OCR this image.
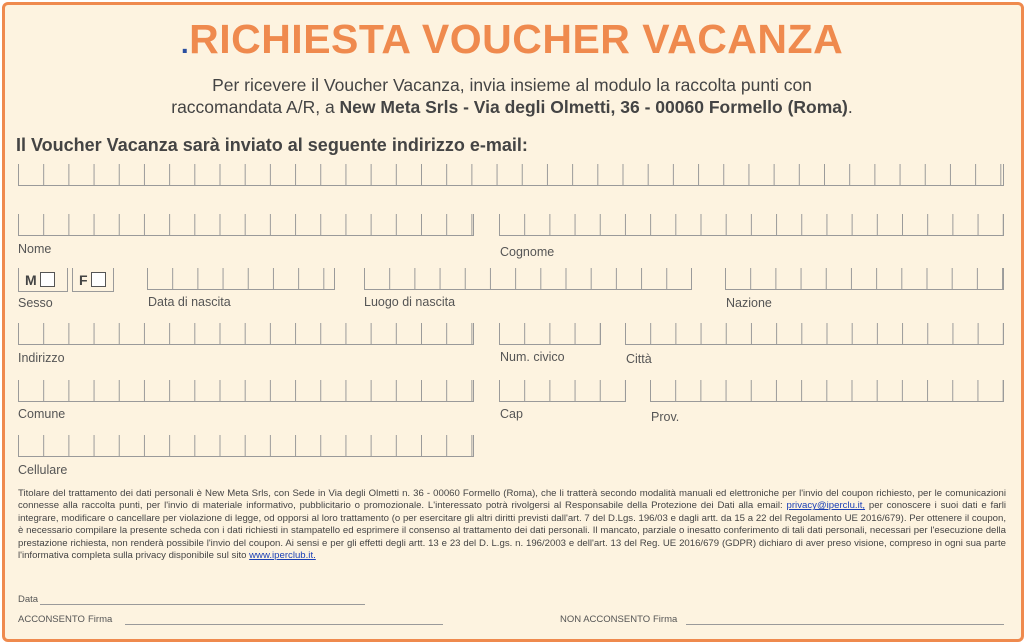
.RICHIESTA VOUCHER VACANZA
Per ricevere il Voucher Vacanza, invia insieme al modulo la raccolta punti con
raccomandata A/R, a New Meta Srls - Via degli Olmetti, 36 - 00060 Formello (Roma).
Il Voucher Vacanza sarà inviato al seguente indirizzo e-mail:
Nome	Cognome
M	F
Sesso	Data di nascita	Luogo di nascita	Nazione
Indirizzo	Num. civico	Città
Comune	Cap	Prov.
Cellulare
Titolare del trattamento dei dati personali è New Meta Srls, con Sede in Via degli Olmetti n. 36 - 00060 Formello (Roma), che li tratterà secondo modalità manuali ed elettroniche per l'invio del coupon richiesto, per le comunicazioni connesse alla raccolta punti, per l'invio di materiale informativo, pubblicitario o promozionale. L'interessato potrà rivolgersi al Responsabile della Protezione dei Dati alla email: privacy@iperclu.it, per conoscere i suoi dati e farli integrare, modificare o cancellare per violazione di legge, od opporsi al loro trattamento (o per esercitare gli altri diritti previsti dall'art. 7 del D.Lgs. 196/03 e dagli artt. da 15 a 22 del Regolamento UE 2016/679). Per ottenere il coupon, è necessario compilare la presente scheda con i dati richiesti in stampatello ed esprimere il consenso al trattamento dei dati personali. Il mancato, parziale o inesatto conferimento di tali dati personali, necessari per l'esecuzione della prestazione richiesta, non renderà possibile l'invio del coupon. Ai sensi e per gli effetti degli artt. 13 e 23 del D. L.gs. n. 196/2003 e dell'art. 13 del Reg. UE 2016/679 (GDPR) dichiaro di aver preso visione, compreso in ogni sua parte l'informativa completa sulla privacy disponibile sul sito www.iperclub.it.
Data
ACCONSENTO Firma	NON ACCONSENTO Firma
